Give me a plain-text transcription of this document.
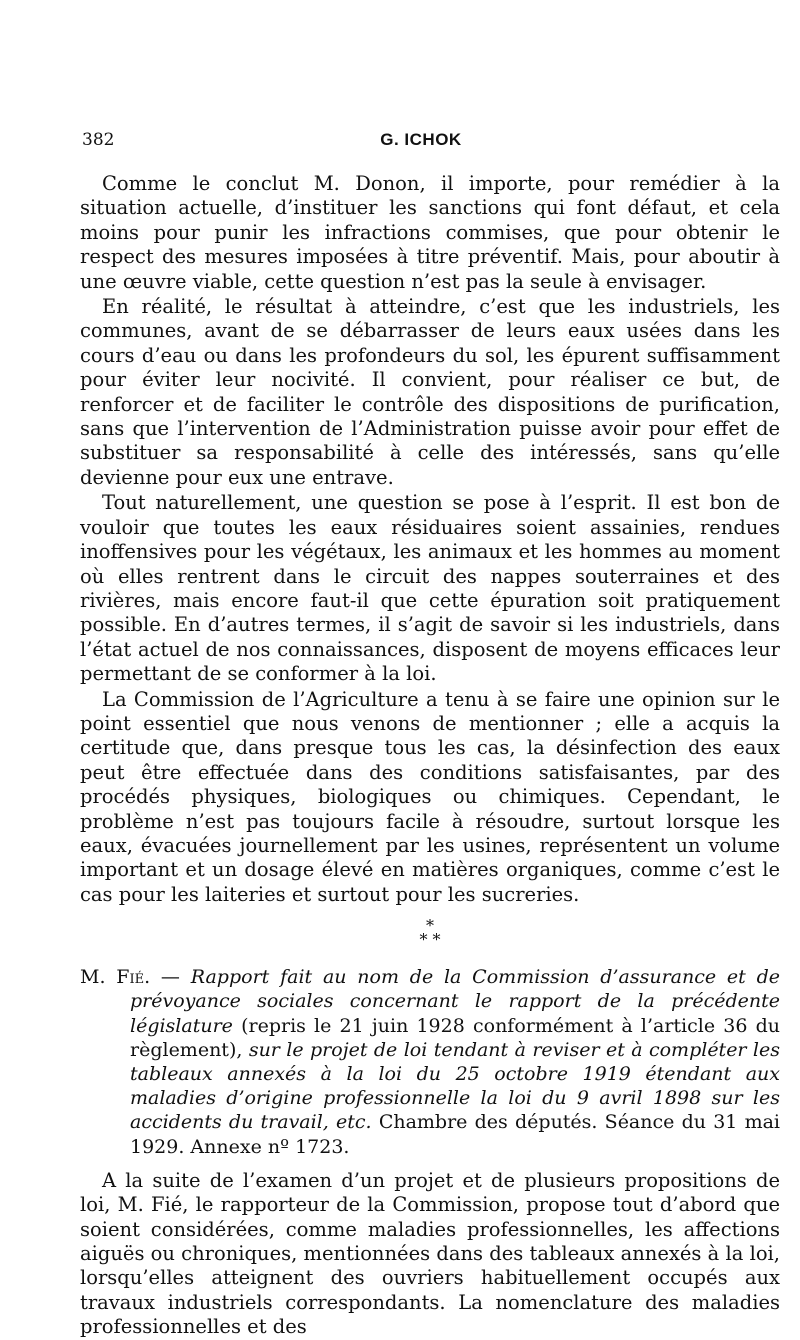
382	G. ICHOK

Comme le conclut M. Donon, il importe, pour remédier à la situation actuelle, d’instituer les sanctions qui font défaut, et cela moins pour punir les infractions commises, que pour obtenir le respect des mesures imposées à titre préventif. Mais, pour aboutir à une œuvre viable, cette question n’est pas la seule à envisager.

En réalité, le résultat à atteindre, c’est que les industriels, les communes, avant de se débarrasser de leurs eaux usées dans les cours d’eau ou dans les profondeurs du sol, les épurent suffisamment pour éviter leur nocivité. Il convient, pour réaliser ce but, de renforcer et de faciliter le contrôle des dispositions de purification, sans que l’intervention de l’Administration puisse avoir pour effet de substituer sa responsabilité à celle des intéressés, sans qu’elle devienne pour eux une entrave.

Tout naturellement, une question se pose à l’esprit. Il est bon de vouloir que toutes les eaux résiduaires soient assainies, rendues inoffensives pour les végétaux, les animaux et les hommes au moment où elles rentrent dans le circuit des nappes souterraines et des rivières, mais encore faut-il que cette épuration soit pratiquement possible. En d’autres termes, il s’agit de savoir si les industriels, dans l’état actuel de nos connaissances, disposent de moyens efficaces leur permettant de se conformer à la loi.

La Commission de l’Agriculture a tenu à se faire une opinion sur le point essentiel que nous venons de mentionner ; elle a acquis la certitude que, dans presque tous les cas, la désinfection des eaux peut être effectuée dans des conditions satisfaisantes, par des procédés physiques, biologiques ou chimiques. Cependant, le problème n’est pas toujours facile à résoudre, surtout lorsque les eaux, évacuées journellement par les usines, représentent un volume important et un dosage élevé en matières organiques, comme c’est le cas pour les laiteries et surtout pour les sucreries.

*
* *
M. Fié. — Rapport fait au nom de la Commission d’assurance et de prévoyance sociales concernant le rapport de la précédente législature (repris le 21 juin 1928 conformément à l’article 36 du règlement), sur le projet de loi tendant à reviser et à compléter les tableaux annexés à la loi du 25 octobre 1919 étendant aux maladies d’origine professionnelle la loi du 9 avril 1898 sur les accidents du travail, etc. Chambre des députés. Séance du 31 mai 1929. Annexe nº 1723.

A la suite de l’examen d’un projet et de plusieurs propositions de loi, M. Fié, le rapporteur de la Commission, propose tout d’abord que soient considérées, comme maladies professionnelles, les affections aiguës ou chroniques, mentionnées dans des tableaux annexés à la loi, lorsqu’elles atteignent des ouvriers habituellement occupés aux travaux industriels correspondants. La nomenclature des maladies professionnelles et des
